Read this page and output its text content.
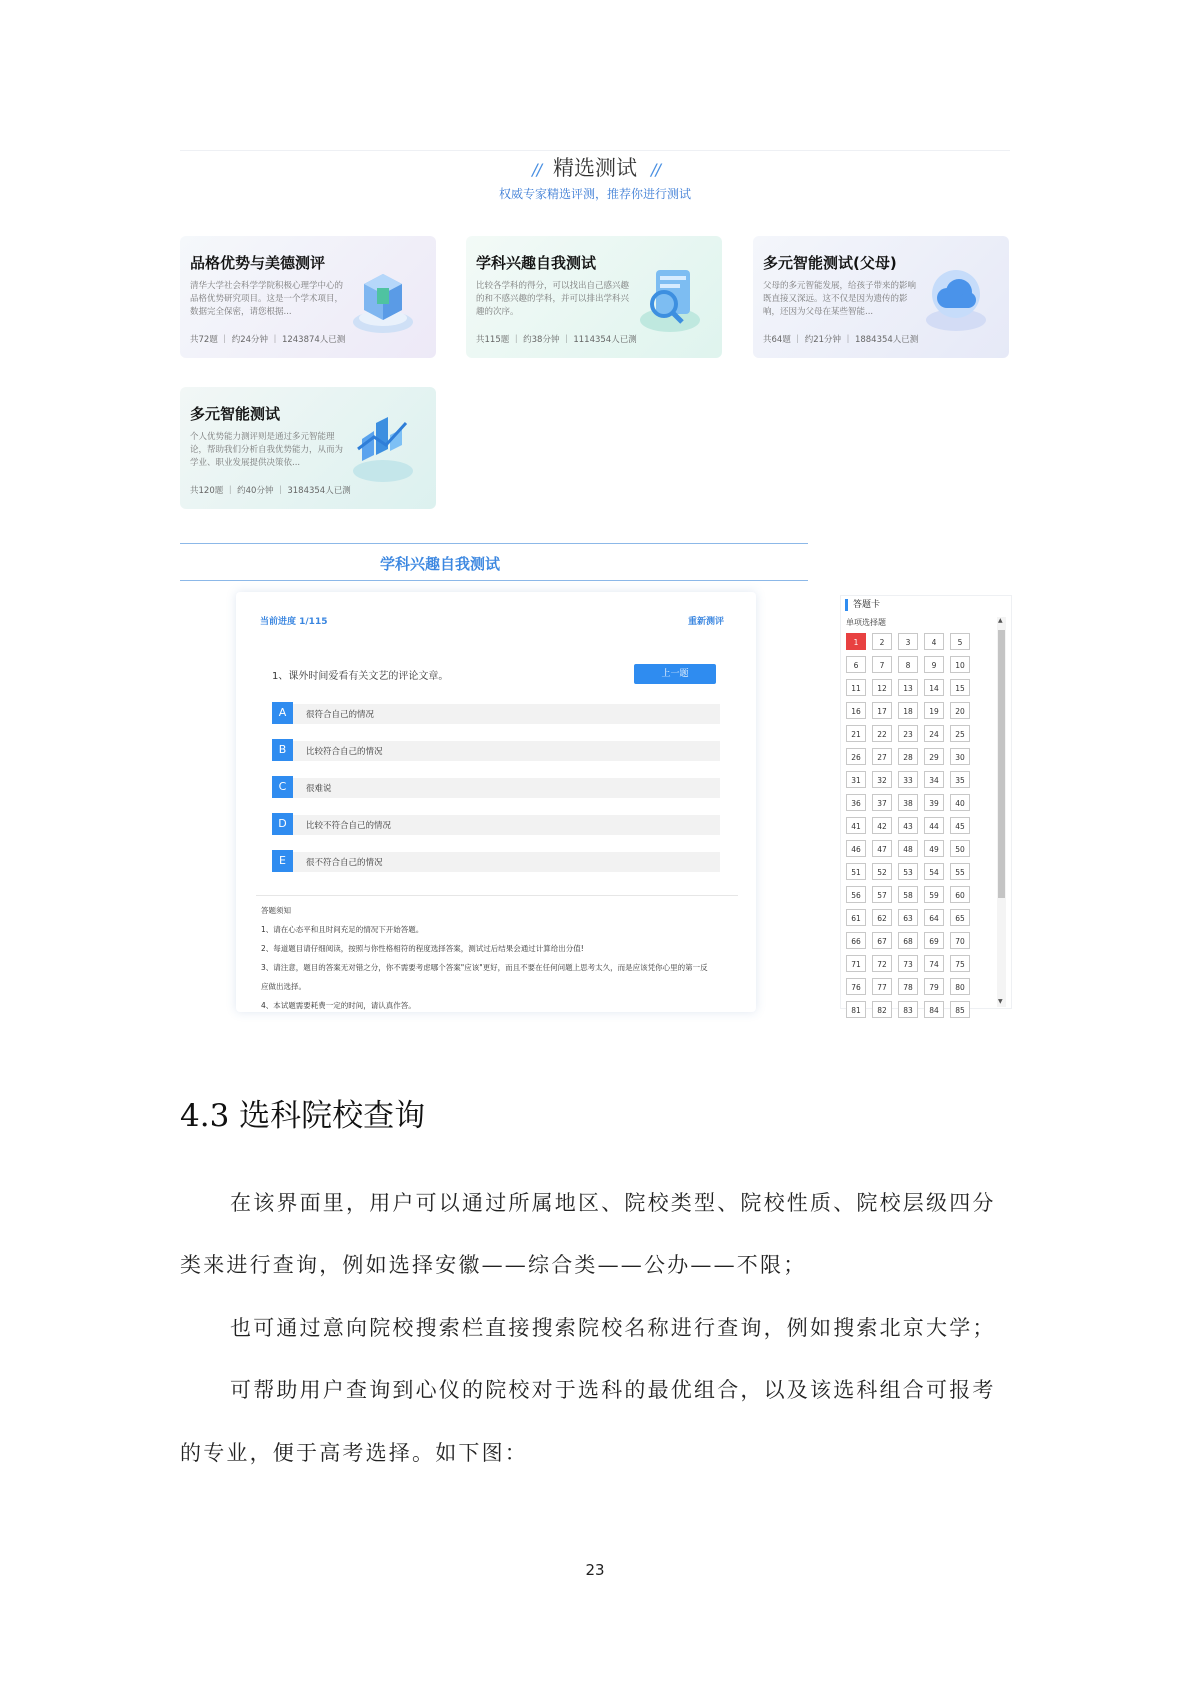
/ / 精选测试 / /
权威专家精选评测，推荐你进行测试
品格优势与美德测评
清华大学社会科学学院积极心理学中心的品格优势研究项目。这是一个学术项目，数据完全保密，请您根据...
共72题 ｜ 约24分钟 ｜ 1243874人已测
学科兴趣自我测试
比较各学科的得分，可以找出自己感兴趣的和不感兴趣的学科，并可以排出学科兴趣的次序。
共115题 ｜ 约38分钟 ｜ 1114354人已测
多元智能测试(父母)
父母的多元智能发展，给孩子带来的影响既直接又深远。这不仅是因为遗传的影响，还因为父母在某些智能...
共64题 ｜ 约21分钟 ｜ 1884354人已测
多元智能测试
个人优势能力测评则是通过多元智能理论，帮助我们分析自我优势能力，从而为学业、职业发展提供决策依...
共120题 ｜ 约40分钟 ｜ 3184354人已测
学科兴趣自我测试
当前进度 1/115	重新测评
1、课外时间爱看有关文艺的评论文章。	上一题
A	很符合自己的情况
B	比较符合自己的情况
C	很难说
D	比较不符合自己的情况
E	很不符合自己的情况
答题须知
1、请在心态平和且时间充足的情况下开始答题。
2、每道题目请仔细阅读，按照与你性格相符的程度选择答案，测试过后结果会通过计算给出分值!
3、请注意，题目的答案无对错之分，你不需要考虑哪个答案"应该"更好，而且不要在任何问题上思考太久，而是应该凭你心里的第一反
应做出选择。
4、本试题需要耗费一定的时间，请认真作答。
答题卡
单项选择题
1	2	3	4	5
6	7	8	9	10
11	12	13	14	15
16	17	18	19	20
21	22	23	24	25
26	27	28	29	30
31	32	33	34	35
36	37	38	39	40
41	42	43	44	45
46	47	48	49	50
51	52	53	54	55
56	57	58	59	60
61	62	63	64	65
66	67	68	69	70
71	72	73	74	75
76	77	78	79	80
81	82	83	84	85
▲
▼
4.3 选科院校查询
在该界面里，用户可以通过所属地区、院校类型、院校性质、院校层级四分
类来进行查询，例如选择安徽——综合类——公办——不限；
也可通过意向院校搜索栏直接搜索院校名称进行查询，例如搜索北京大学；
可帮助用户查询到心仪的院校对于选科的最优组合，以及该选科组合可报考
的专业，便于高考选择。如下图：
23
